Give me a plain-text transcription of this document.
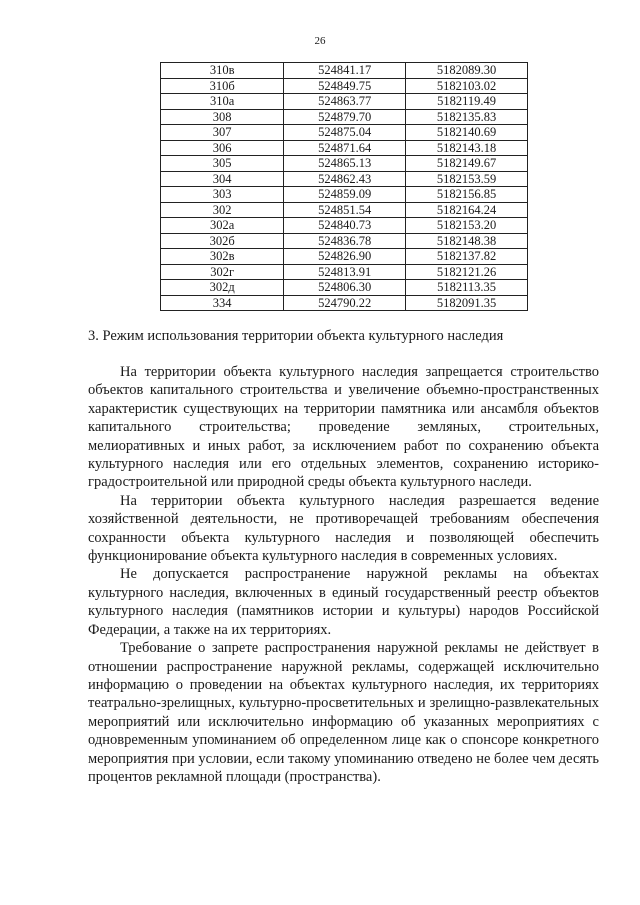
26
310в	524841.17	5182089.30
310б	524849.75	5182103.02
310а	524863.77	5182119.49
308	524879.70	5182135.83
307	524875.04	5182140.69
306	524871.64	5182143.18
305	524865.13	5182149.67
304	524862.43	5182153.59
303	524859.09	5182156.85
302	524851.54	5182164.24
302а	524840.73	5182153.20
302б	524836.78	5182148.38
302в	524826.90	5182137.82
302г	524813.91	5182121.26
302д	524806.30	5182113.35
334	524790.22	5182091.35
3. Режим использования территории объекта культурного наследия

На территории объекта культурного наследия запрещается строительство объектов капитального строительства и увеличение объемно-пространственных характеристик существующих на территории памятника или ансамбля объектов капитального строительства; проведение земляных, строительных, мелиоративных и иных работ, за исключением работ по сохранению объекта культурного наследия или его отдельных элементов, сохранению историко-градостроительной или природной среды объекта культурного наследи.

На территории объекта культурного наследия разрешается ведение хозяйственной деятельности, не противоречащей требованиям обеспечения сохранности объекта культурного наследия и позволяющей обеспечить функционирование объекта культурного наследия в современных условиях.

Не допускается распространение наружной рекламы на объектах культурного наследия, включенных в единый государственный реестр объектов культурного наследия (памятников истории и культуры) народов Российской Федерации, а также на их территориях.

Требование о запрете распространения наружной рекламы не действует в отношении распространение наружной рекламы, содержащей исключительно информацию о проведении на объектах культурного наследия, их территориях театрально-зрелищных, культурно-просветительных и зрелищно-развлекательных мероприятий или исключительно информацию об указанных мероприятиях с одновременным упоминанием об определенном лице как о спонсоре конкретного мероприятия при условии, если такому упоминанию отведено не более чем десять процентов рекламной площади (пространства).
